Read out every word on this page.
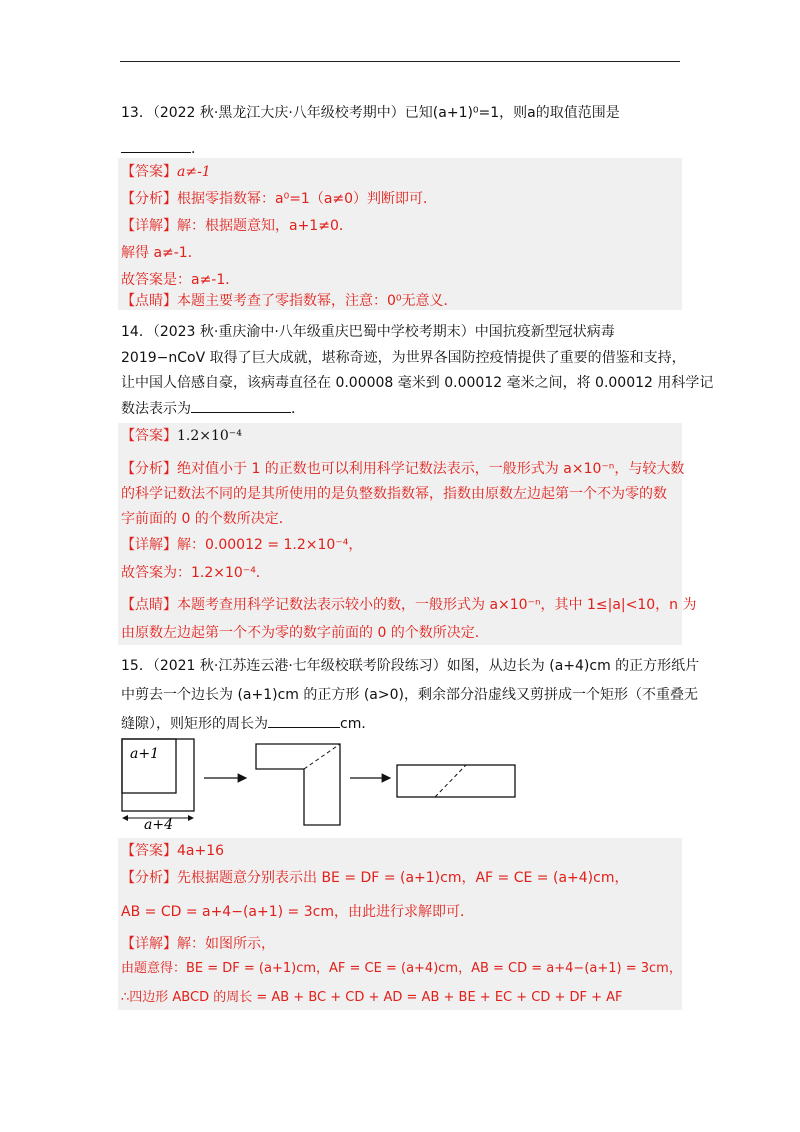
13．（2022 秋·黑龙江大庆·八年级校考期中）已知(a+1)⁰=1，则a的取值范围是
．
【答案】a≠-1
【分析】根据零指数幂：a⁰=1（a≠0）判断即可．
【详解】解：根据题意知，a+1≠0．
解得 a≠-1．
故答案是：a≠-1．
【点睛】本题主要考查了零指数幂，注意：0⁰无意义．
14．（2023 秋·重庆渝中·八年级重庆巴蜀中学校考期末）中国抗疫新型冠状病毒
2019−nCoV 取得了巨大成就，堪称奇迹，为世界各国防控疫情提供了重要的借鉴和支持，
让中国人倍感自豪，该病毒直径在 0.00008 毫米到 0.00012 毫米之间，将 0.00012 用科学记
数法表示为	．
【答案】1.2×10⁻⁴
【分析】绝对值小于 1 的正数也可以利用科学记数法表示，一般形式为 a×10⁻ⁿ，与较大数
的科学记数法不同的是其所使用的是负整数指数幂，指数由原数左边起第一个不为零的数
字前面的 0 的个数所决定．
【详解】解：0.00012 = 1.2×10⁻⁴，
故答案为：1.2×10⁻⁴．
【点睛】本题考查用科学记数法表示较小的数，一般形式为 a×10⁻ⁿ，其中 1≤|a|<10，n 为
由原数左边起第一个不为零的数字前面的 0 的个数所决定．
15．（2021 秋·江苏连云港·七年级校联考阶段练习）如图，从边长为 (a+4)cm 的正方形纸片
中剪去一个边长为 (a+1)cm 的正方形 (a>0)，剩余部分沿虚线又剪拼成一个矩形（不重叠无
缝隙），则矩形的周长为	cm．
a+1
a+4
【答案】4a+16
【分析】先根据题意分别表示出 BE = DF = (a+1)cm，AF = CE = (a+4)cm，
AB = CD = a+4−(a+1) = 3cm，由此进行求解即可．
【详解】解：如图所示，
由题意得：BE = DF = (a+1)cm，AF = CE = (a+4)cm，AB = CD = a+4−(a+1) = 3cm，
∴四边形 ABCD 的周长 = AB + BC + CD + AD = AB + BE + EC + CD + DF + AF
